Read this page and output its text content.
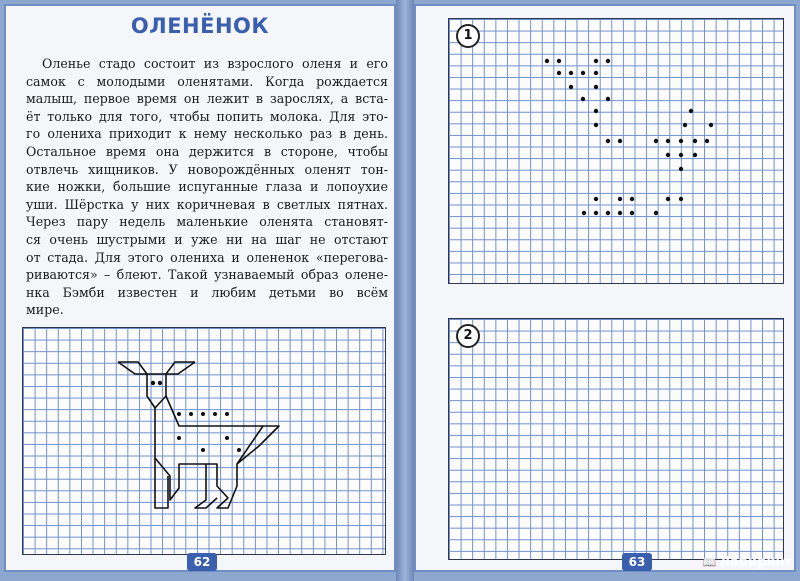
ОЛЕНЁНОК
Оленье стадо состоит из взрослого оленя и его
самок с молодыми оленятами. Когда рождается
малыш, первое время он лежит в зарослях, а вста-
ёт только для того, чтобы попить молока. Для это-
го олениха приходит к нему несколько раз в день.
Остальное время она держится в стороне, чтобы
отвлечь хищников. У новорождённых оленят тон-
кие ножки, большие испуганные глаза и лопоухие
уши. Шёрстка у них коричневая в светлых пятнах.
Через пару недель маленькие оленята становят-
ся очень шустрыми и уже ни на шаг не отстают
от стада. Для этого олениха и олененок «перегова-
риваются» – блеют. Такой узнаваемый образ олене-
нка Бэмби известен и любим детьми во всём
мире.
62
1
2
63	📖 Лабиринт
